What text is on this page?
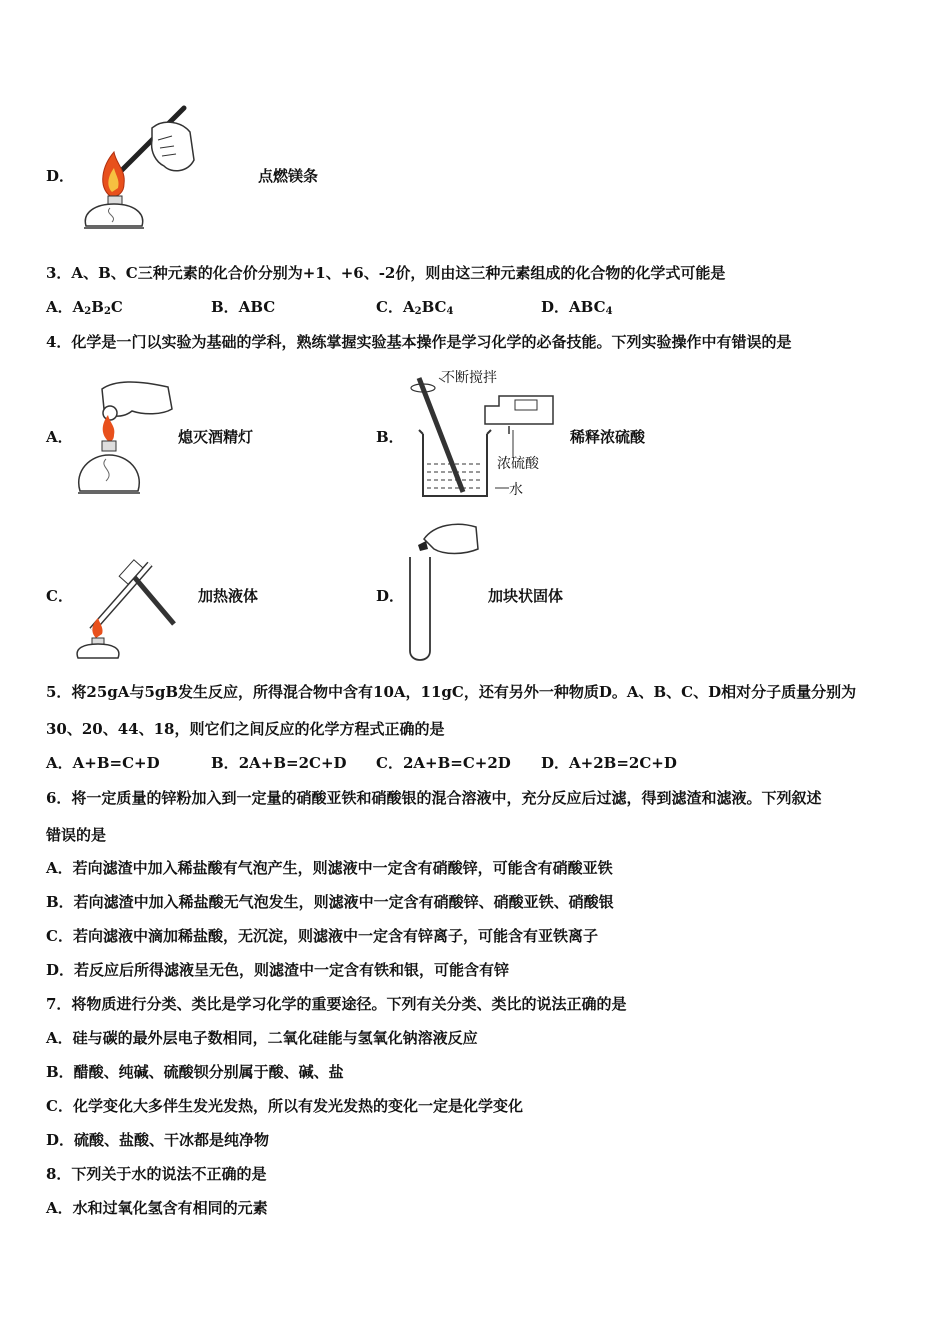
D．	点燃镁条
3．A、B、C三种元素的化合价分别为+1、+6、-2价，则由这三种元素组成的化合物的化学式可能是
A．$A_2B_2C$	B．ABC	C．$A_2BC_4$	D．$ABC_4$
4．化学是一门以实验为基础的学科，熟练掌握实验基本操作是学习化学的必备技能。下列实验操作中有错误的是
A．	熄灭酒精灯	B．
不断搅拌
浓硫酸
水
稀释浓硫酸
C．	加热液体	D．	加块状固体
5．将25gA与5gB发生反应，所得混合物中含有10A，11gC，还有另外一种物质D。A、B、C、D相对分子质量分别为
30、20、44、18，则它们之间反应的化学方程式正确的是
A．A+B=C+D	B．2A+B=2C+D C．2A+B=C+2D D．A+2B=2C+D
6．将一定质量的锌粉加入到一定量的硝酸亚铁和硝酸银的混合溶液中，充分反应后过滤，得到滤渣和滤液。下列叙述
错误的是
A．若向滤渣中加入稀盐酸有气泡产生，则滤液中一定含有硝酸锌，可能含有硝酸亚铁
B．若向滤渣中加入稀盐酸无气泡发生，则滤液中一定含有硝酸锌、硝酸亚铁、硝酸银
C．若向滤液中滴加稀盐酸，无沉淀，则滤液中一定含有锌离子，可能含有亚铁离子
D．若反应后所得滤液呈无色，则滤渣中一定含有铁和银，可能含有锌
7．将物质进行分类、类比是学习化学的重要途径。下列有关分类、类比的说法正确的是
A．硅与碳的最外层电子数相同，二氧化硅能与氢氧化钠溶液反应
B．醋酸、纯碱、硫酸钡分别属于酸、碱、盐
C．化学变化大多伴生发光发热，所以有发光发热的变化一定是化学变化
D．硫酸、盐酸、干冰都是纯净物
8．下列关于水的说法不正确的是
A．水和过氧化氢含有相同的元素
